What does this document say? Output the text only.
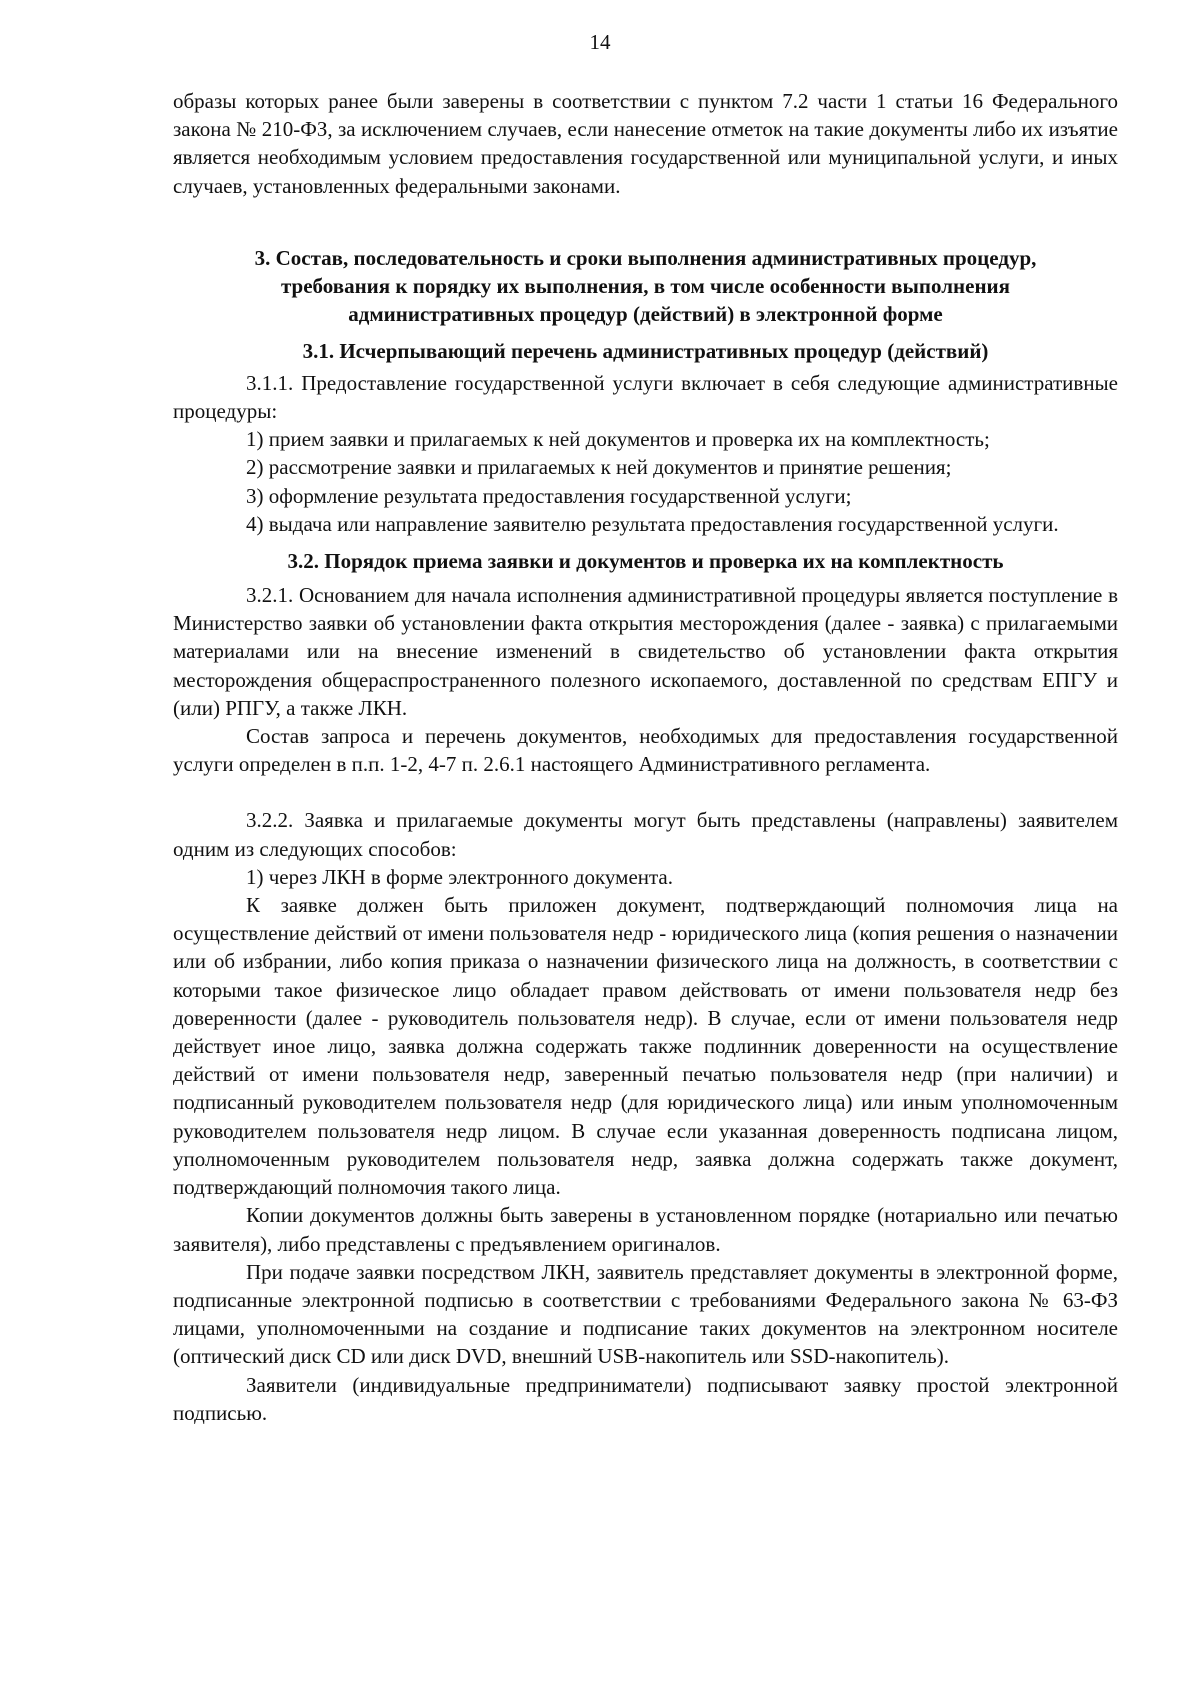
14

образы которых ранее были заверены в соответствии с пунктом 7.2 части 1 статьи 16 Федерального закона № 210-ФЗ, за исключением случаев, если нанесение отметок на такие документы либо их изъятие является необходимым условием предоставления государственной или муниципальной услуги, и иных случаев, установленных федеральными законами.

3. Состав, последовательность и сроки выполнения административных процедур,
требования к порядку их выполнения, в том числе особенности выполнения
административных процедур (действий) в электронной форме
3.1. Исчерпывающий перечень административных процедур (действий)

3.1.1. Предоставление государственной услуги включает в себя следующие административные процедуры:

1) прием заявки и прилагаемых к ней документов и проверка их на комплектность;

2) рассмотрение заявки и прилагаемых к ней документов и принятие решения;

3) оформление результата предоставления государственной услуги;

4) выдача или направление заявителю результата предоставления государственной услуги.

3.2. Порядок приема заявки и документов и проверка их на комплектность

3.2.1. Основанием для начала исполнения административной процедуры является поступление в Министерство заявки об установлении факта открытия месторождения (далее - заявка) с прилагаемыми материалами или на внесение изменений в свидетельство об установлении факта открытия месторождения общераспространенного полезного ископаемого, доставленной по средствам ЕПГУ и (или) РПГУ, а также ЛКН.

Состав запроса и перечень документов, необходимых для предоставления государственной услуги определен в п.п. 1-2, 4-7 п. 2.6.1 настоящего Административного регламента.

3.2.2. Заявка и прилагаемые документы могут быть представлены (направлены) заявителем одним из следующих способов:

1) через ЛКН в форме электронного документа.

К заявке должен быть приложен документ, подтверждающий полномочия лица на осуществление действий от имени пользователя недр - юридического лица (копия решения о назначении или об избрании, либо копия приказа о назначении физического лица на должность, в соответствии с которыми такое физическое лицо обладает правом действовать от имени пользователя недр без доверенности (далее - руководитель пользователя недр). В случае, если от имени пользователя недр действует иное лицо, заявка должна содержать также подлинник доверенности на осуществление действий от имени пользователя недр, заверенный печатью пользователя недр (при наличии) и подписанный руководителем пользователя недр (для юридического лица) или иным уполномоченным руководителем пользователя недр лицом. В случае если указанная доверенность подписана лицом, уполномоченным руководителем пользователя недр, заявка должна содержать также документ, подтверждающий полномочия такого лица.

Копии документов должны быть заверены в установленном порядке (нотариально или печатью заявителя), либо представлены с предъявлением оригиналов.

При подаче заявки посредством ЛКН, заявитель представляет документы в электронной форме, подписанные электронной подписью в соответствии с требованиями Федерального закона № 63-ФЗ лицами, уполномоченными на создание и подписание таких документов на электронном носителе (оптический диск CD или диск DVD, внешний USB-накопитель или SSD-накопитель).

Заявители (индивидуальные предприниматели) подписывают заявку простой электронной подписью.
